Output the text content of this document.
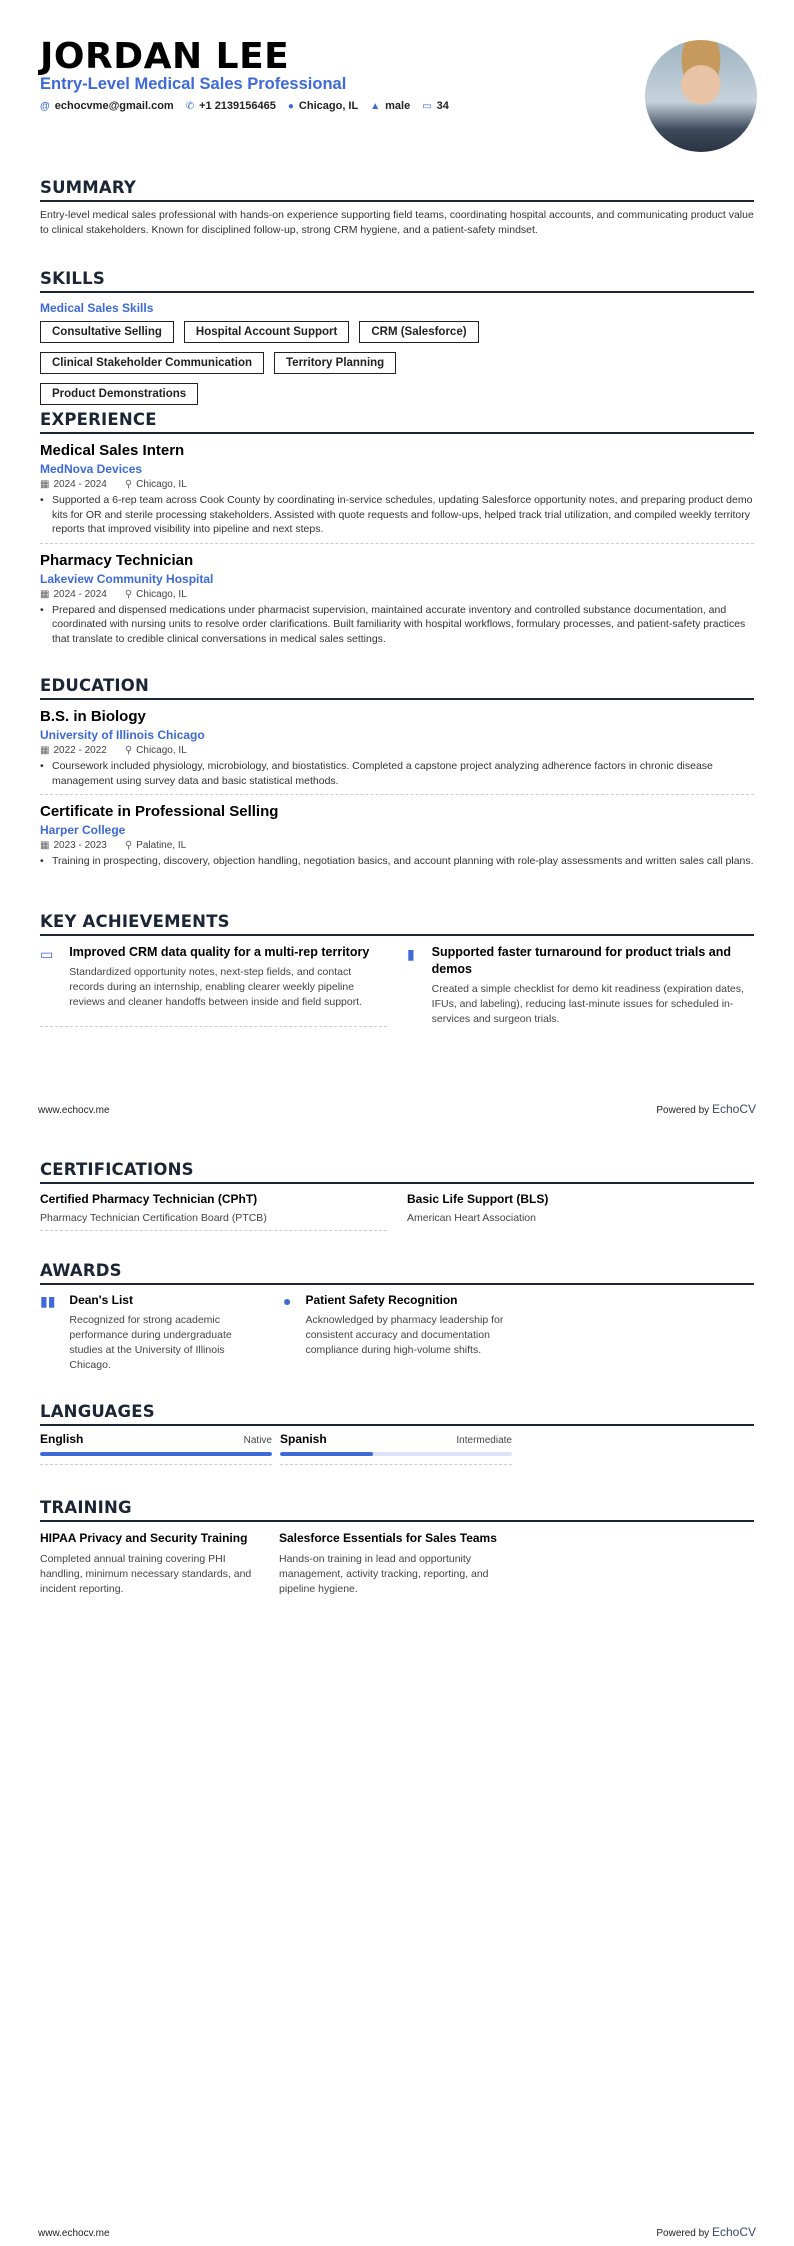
JORDAN LEE
Entry-Level Medical Sales Professional
@ echocvme@gmail.com ✆ +1 2139156465 ● Chicago, IL ▲ male ▭ 34
SUMMARY
Entry-level medical sales professional with hands-on experience supporting field teams, coordinating hospital accounts, and communicating product value to clinical stakeholders. Known for disciplined follow-up, strong CRM hygiene, and a patient-safety mindset.
SKILLS
Medical Sales Skills
Consultative Selling	Hospital Account Support	CRM (Salesforce)
Clinical Stakeholder Communication	Territory Planning
Product Demonstrations
EXPERIENCE
Medical Sales Intern
MedNova Devices
▦ 2024 - 2024 ⚲ Chicago, IL
• Supported a 6-rep team across Cook County by coordinating in-service schedules, updating Salesforce opportunity notes, and preparing product demo kits for OR and sterile processing stakeholders. Assisted with quote requests and follow-ups, helped track trial utilization, and compiled weekly territory reports that improved visibility into pipeline and next steps.
Pharmacy Technician
Lakeview Community Hospital
▦ 2024 - 2024 ⚲ Chicago, IL
• Prepared and dispensed medications under pharmacist supervision, maintained accurate inventory and controlled substance documentation, and coordinated with nursing units to resolve order clarifications. Built familiarity with hospital workflows, formulary processes, and patient-safety practices that translate to credible clinical conversations in medical sales settings.
EDUCATION
B.S. in Biology
University of Illinois Chicago
▦ 2022 - 2022 ⚲ Chicago, IL
• Coursework included physiology, microbiology, and biostatistics. Completed a capstone project analyzing adherence factors in chronic disease management using survey data and basic statistical methods.
Certificate in Professional Selling
Harper College
▦ 2023 - 2023 ⚲ Palatine, IL
• Training in prospecting, discovery, objection handling, negotiation basics, and account planning with role-play assessments and written sales call plans.
KEY ACHIEVEMENTS
▭ Improved CRM data quality for a multi-rep territory
Standardized opportunity notes, next-step fields, and contact records during an internship, enabling clearer weekly pipeline reviews and cleaner handoffs between inside and field support.
▮ Supported faster turnaround for product trials and demos
Created a simple checklist for demo kit readiness (expiration dates, IFUs, and labeling), reducing last-minute issues for scheduled in-services and surgeon trials.
www.echocv.me	Powered by EchoCV
CERTIFICATIONS
Certified Pharmacy Technician (CPhT)
Pharmacy Technician Certification Board (PTCB)
Basic Life Support (BLS)
American Heart Association
AWARDS
▮▮ Dean's List
Recognized for strong academic performance during undergraduate studies at the University of Illinois Chicago.
● Patient Safety Recognition
Acknowledged by pharmacy leadership for consistent accuracy and documentation compliance during high-volume shifts.
LANGUAGES
English	Native Spanish	Intermediate
TRAINING
HIPAA Privacy and Security Training
Completed annual training covering PHI handling, minimum necessary standards, and incident reporting.
Salesforce Essentials for Sales Teams
Hands-on training in lead and opportunity management, activity tracking, reporting, and pipeline hygiene.
www.echocv.me	Powered by EchoCV
